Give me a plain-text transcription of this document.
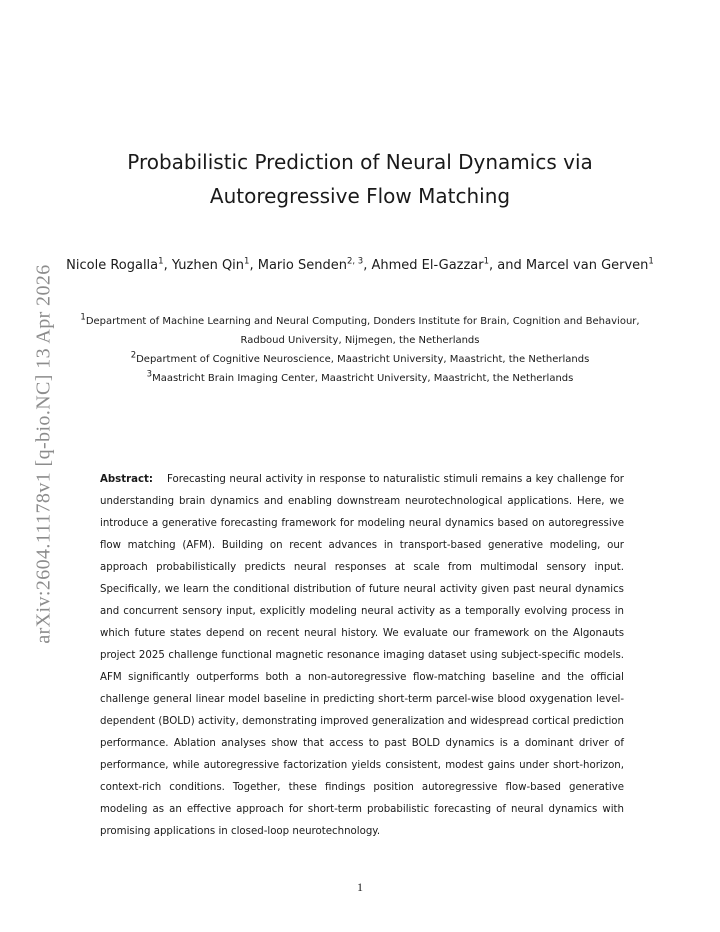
arXiv:2604.11178v1 [q-bio.NC] 13 Apr 2026
Probabilistic Prediction of Neural Dynamics via Autoregressive Flow Matching
Nicole Rogalla$^1$, Yuzhen Qin$^1$, Mario Senden$^{2, 3}$, Ahmed El-Gazzar$^1$, and Marcel van Gerven$^1$
$^1$Department of Machine Learning and Neural Computing, Donders Institute for Brain, Cognition and Behaviour, Radboud University, Nijmegen, the Netherlands
$^2$Department of Cognitive Neuroscience, Maastricht University, Maastricht, the Netherlands
$^3$Maastricht Brain Imaging Center, Maastricht University, Maastricht, the Netherlands

Abstract: Forecasting neural activity in response to naturalistic stimuli remains a key challenge for understanding brain dynamics and enabling downstream neurotechnological applications. Here, we introduce a generative forecasting framework for modeling neural dynamics based on autoregressive flow matching (AFM). Building on recent advances in transport-based generative modeling, our approach probabilistically predicts neural responses at scale from multimodal sensory input. Specifically, we learn the conditional distribution of future neural activity given past neural dynamics and concurrent sensory input, explicitly modeling neural activity as a temporally evolving process in which future states depend on recent neural history. We evaluate our framework on the Algonauts project 2025 challenge functional magnetic resonance imaging dataset using subject-specific models. AFM significantly outperforms both a non-autoregressive flow-matching baseline and the official challenge general linear model baseline in predicting short-term parcel-wise blood oxygenation level-dependent (BOLD) activity, demonstrating improved generalization and widespread cortical prediction performance. Ablation analyses show that access to past BOLD dynamics is a dominant driver of performance, while autoregressive factorization yields consistent, modest gains under short-horizon, context-rich conditions. Together, these findings position autoregressive flow-based generative modeling as an effective approach for short-term probabilistic forecasting of neural dynamics with promising applications in closed-loop neurotechnology.

1
